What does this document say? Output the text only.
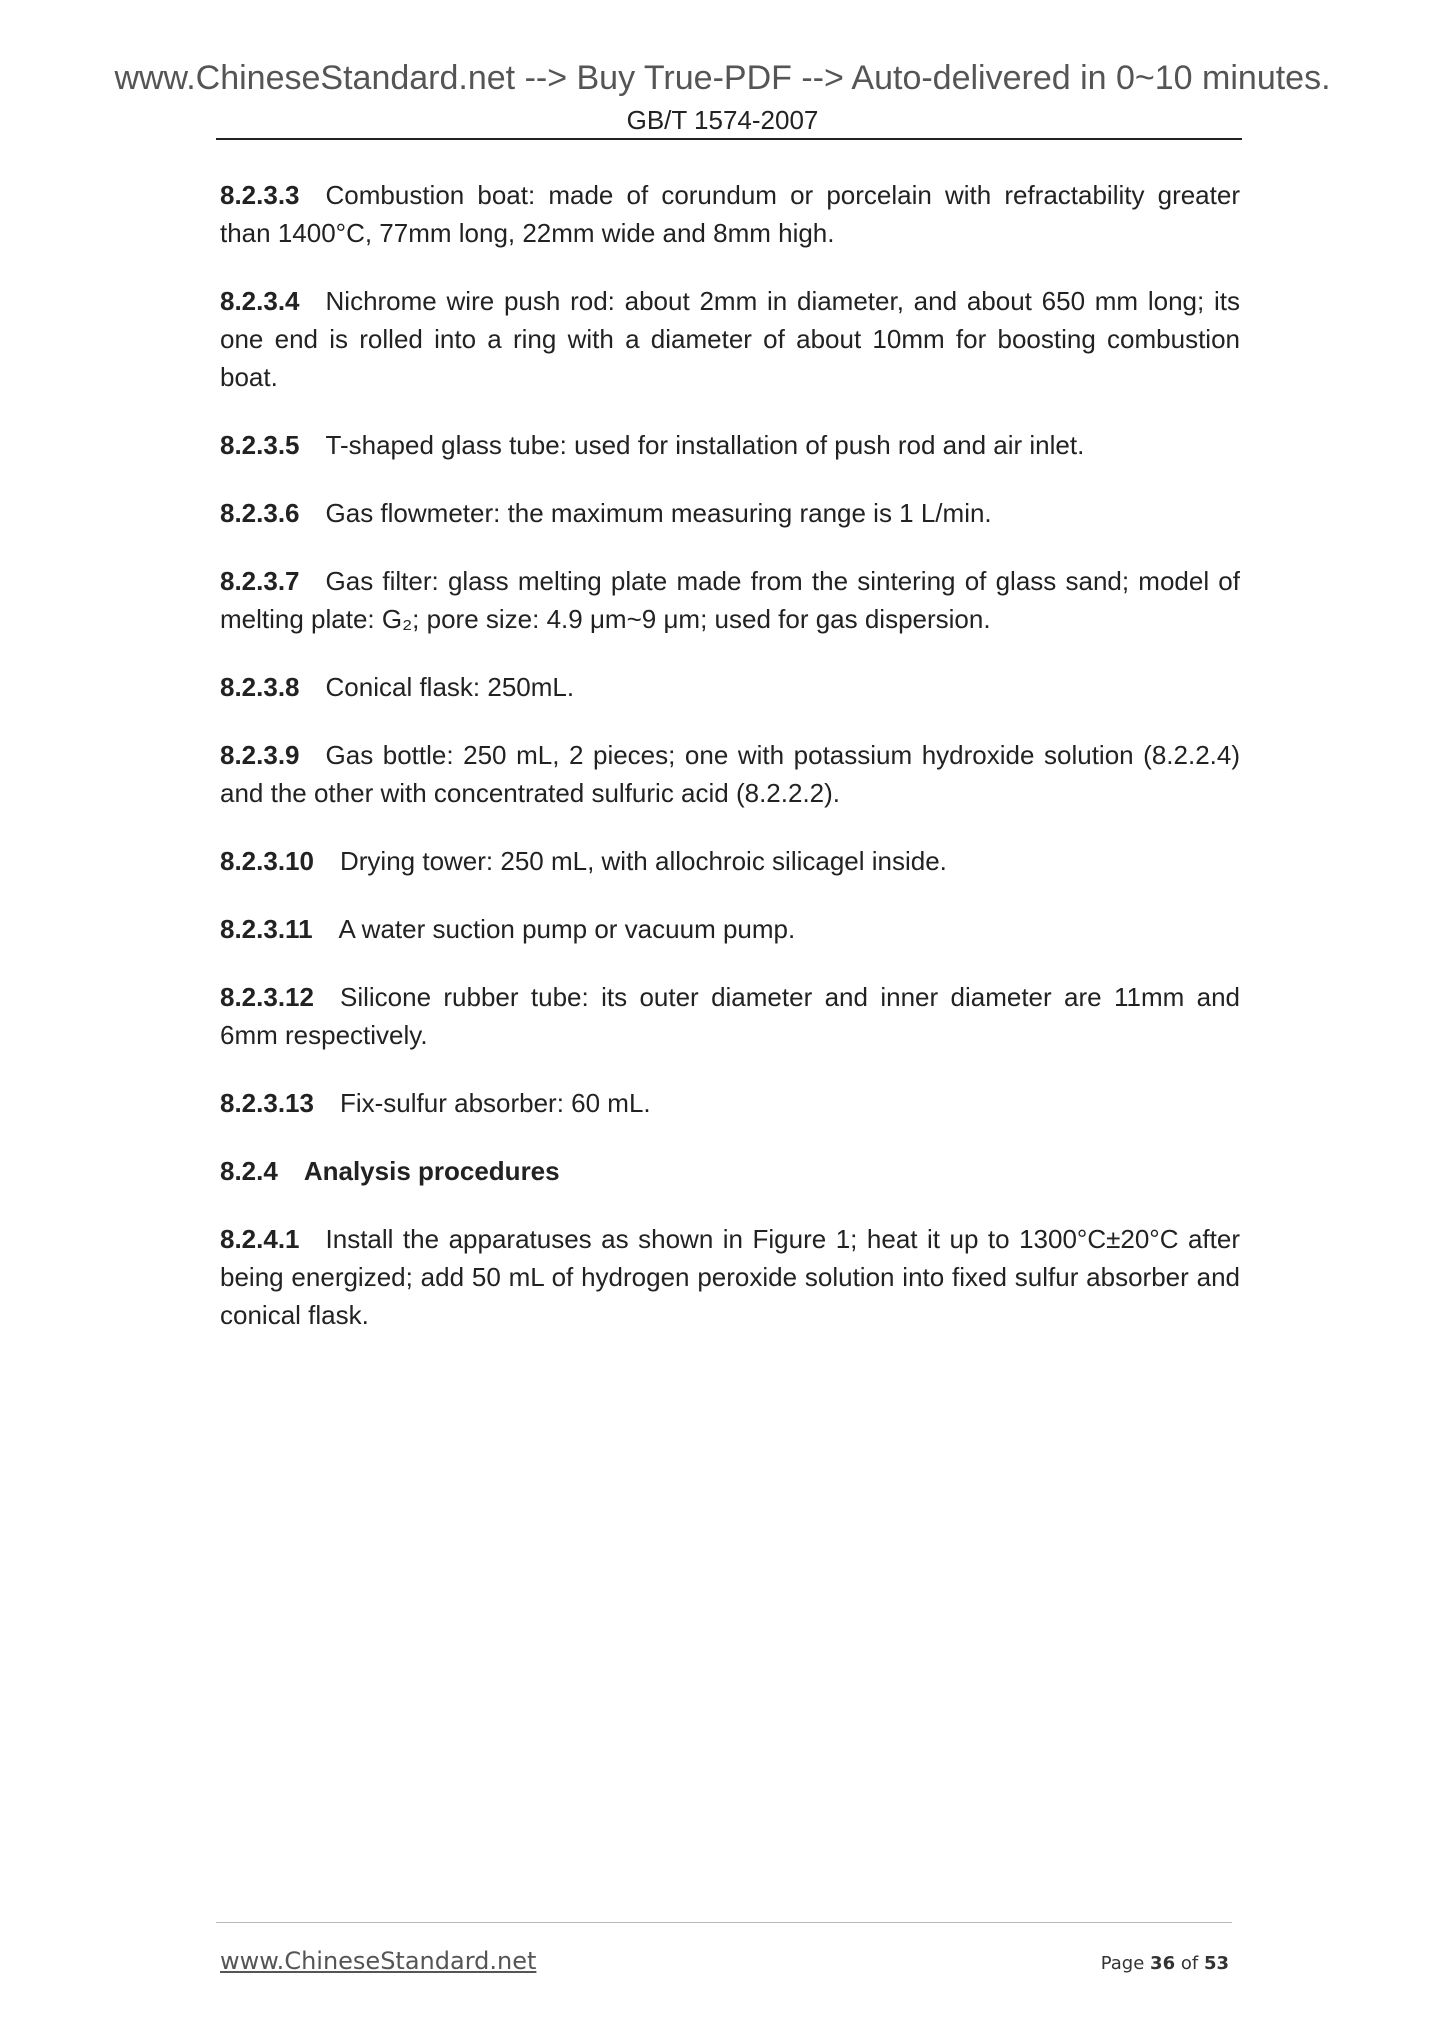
www.ChineseStandard.net --> Buy True-PDF --> Auto-delivered in 0~10 minutes.
GB/T 1574-2007

8.2.3.3 Combustion boat: made of corundum or porcelain with refractability greater than 1400°C, 77mm long, 22mm wide and 8mm high.

8.2.3.4 Nichrome wire push rod: about 2mm in diameter, and about 650 mm long; its one end is rolled into a ring with a diameter of about 10mm for boosting combustion boat.

8.2.3.5 T-shaped glass tube: used for installation of push rod and air inlet.

8.2.3.6 Gas flowmeter: the maximum measuring range is 1 L/min.

8.2.3.7 Gas filter: glass melting plate made from the sintering of glass sand; model of melting plate: G₂; pore size: 4.9 μm~9 μm; used for gas dispersion.

8.2.3.8 Conical flask: 250mL.

8.2.3.9 Gas bottle: 250 mL, 2 pieces; one with potassium hydroxide solution (8.2.2.4) and the other with concentrated sulfuric acid (8.2.2.2).

8.2.3.10 Drying tower: 250 mL, with allochroic silicagel inside.

8.2.3.11 A water suction pump or vacuum pump.

8.2.3.12 Silicone rubber tube: its outer diameter and inner diameter are 11mm and 6mm respectively.

8.2.3.13 Fix-sulfur absorber: 60 mL.

8.2.4 Analysis procedures

8.2.4.1 Install the apparatuses as shown in Figure 1; heat it up to 1300°C±20°C after being energized; add 50 mL of hydrogen peroxide solution into fixed sulfur absorber and conical flask.

www.ChineseStandard.net	Page 36 of 53
